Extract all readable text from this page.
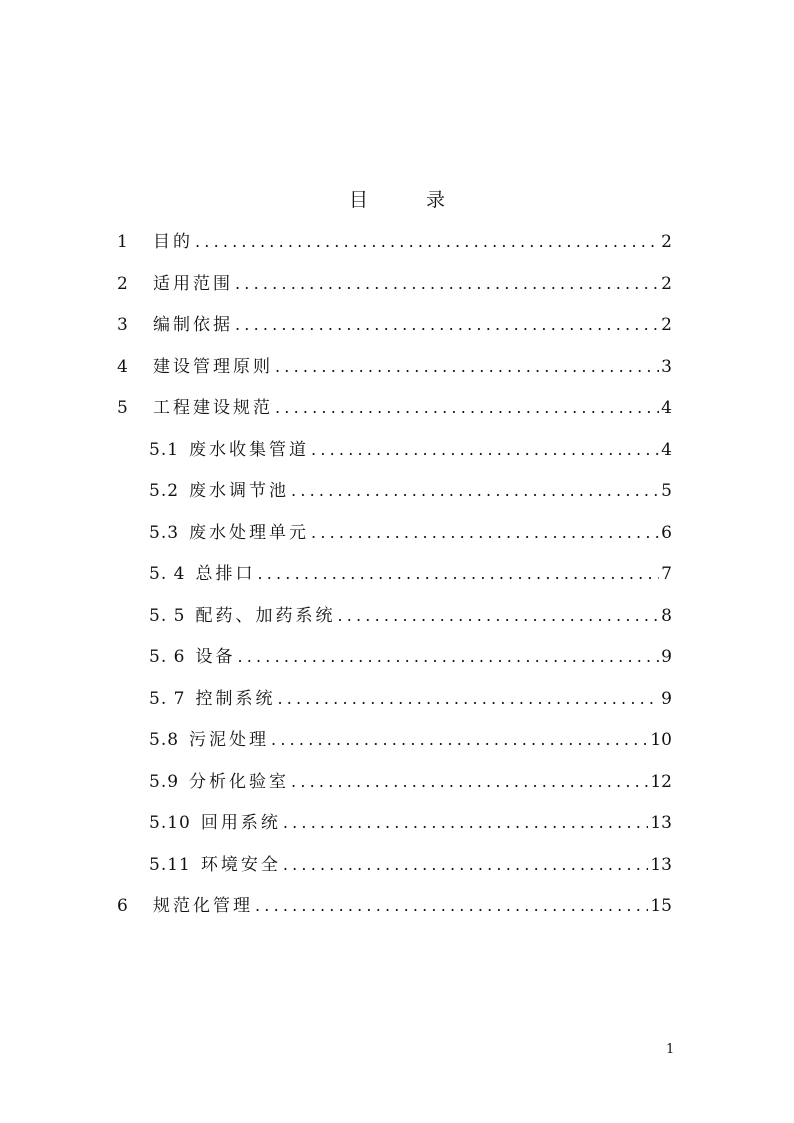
目 录
1	目的 .....	2
2	适用范围 .....	2
3	编制依据 .....	2
4	建设管理原则 .....	3
5	工程建设规范 .....	4
5.1 废水收集管道 .....	4
5.2 废水调节池 .....	5
5.3 废水处理单元 .....	6
5. 4 总排口 .....	7
5. 5 配药、加药系统 .....	8
5. 6 设备 .....	9
5. 7 控制系统 .....	9
5.8 污泥处理 .....	10
5.9 分析化验室 .....	12
5.10 回用系统 .....	13
5.11 环境安全 .....	13
6	规范化管理 .....	15
1
